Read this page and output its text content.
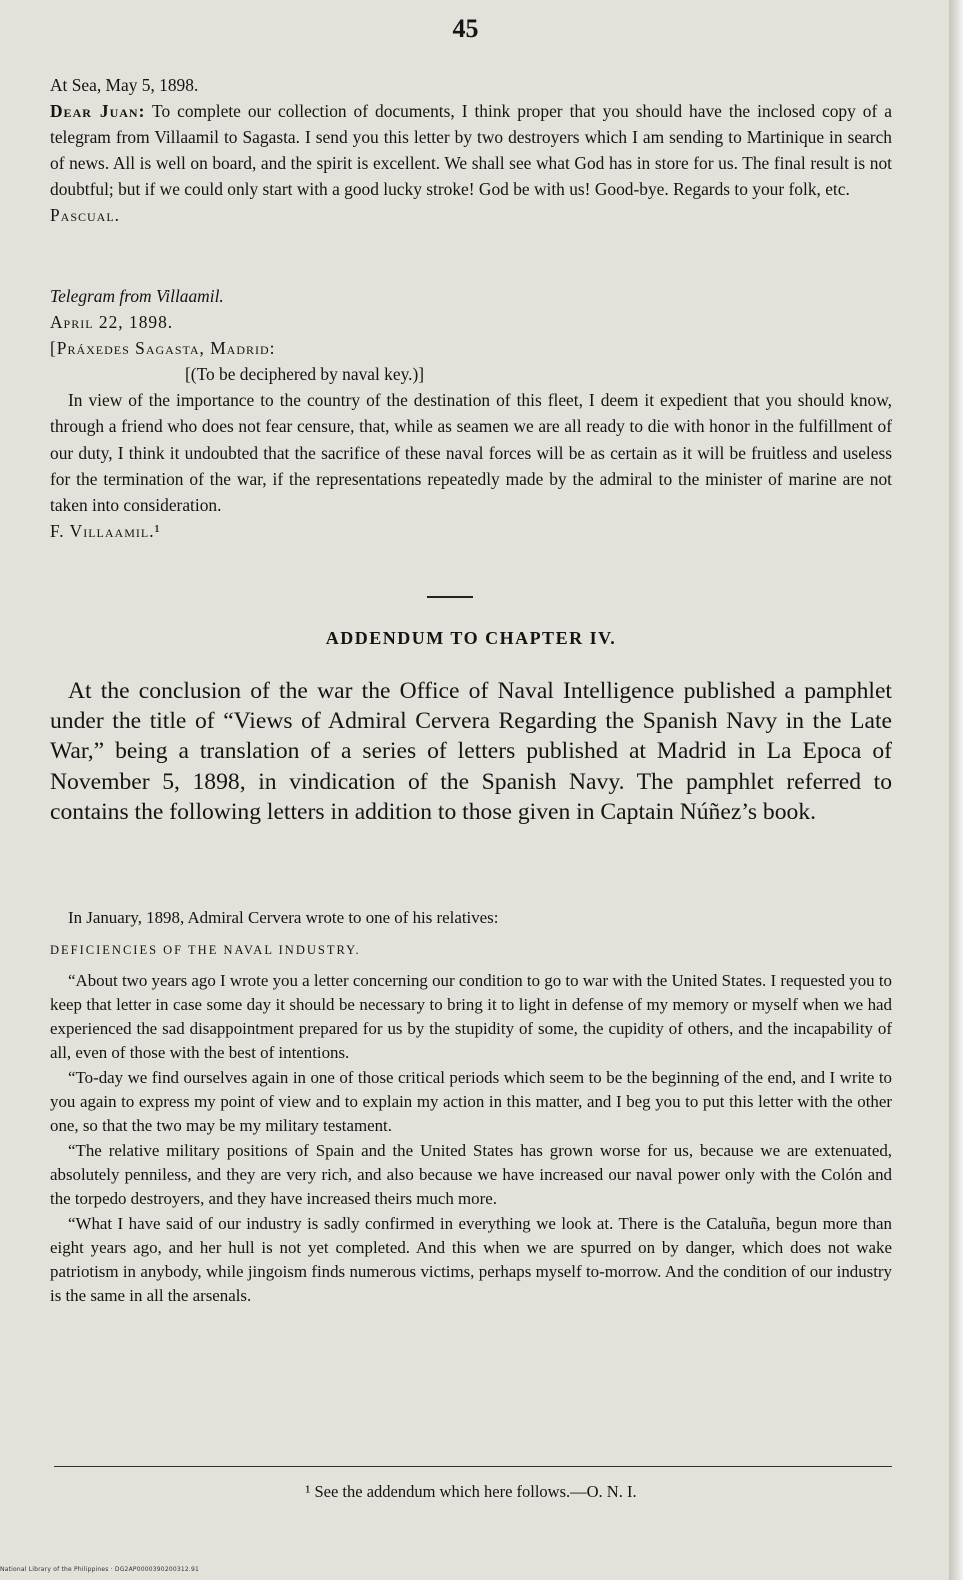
45

At Sea, May 5, 1898.

Dear Juan: To complete our collection of documents, I think proper that you should have the inclosed copy of a telegram from Villaamil to Sagasta. I send you this letter by two destroyers which I am sending to Martinique in search of news. All is well on board, and the spirit is excellent. We shall see what God has in store for us. The final result is not doubtful; but if we could only start with a good lucky stroke! God be with us! Good-bye. Regards to your folk, etc.

Pascual.

Telegram from Villaamil.

April 22, 1898.

[Práxedes Sagasta, Madrid:

[(To be deciphered by naval key.)]

In view of the importance to the country of the destination of this fleet, I deem it expedient that you should know, through a friend who does not fear censure, that, while as seamen we are all ready to die with honor in the fulfillment of our duty, I think it undoubted that the sacrifice of these naval forces will be as certain as it will be fruitless and useless for the termination of the war, if the representations repeatedly made by the admiral to the minister of marine are not taken into consideration.

F. Villaamil.¹

ADDENDUM TO CHAPTER IV.
At the conclusion of the war the Office of Naval Intelligence published a pamphlet under the title of “Views of Admiral Cervera Regarding the Spanish Navy in the Late War,” being a translation of a series of letters published at Madrid in La Epoca of November 5, 1898, in vindication of the Spanish Navy. The pamphlet referred to contains the following letters in addition to those given in Captain Núñez’s book.

In January, 1898, Admiral Cervera wrote to one of his relatives:

DEFICIENCIES OF THE NAVAL INDUSTRY.

“About two years ago I wrote you a letter concerning our condition to go to war with the United States. I requested you to keep that letter in case some day it should be necessary to bring it to light in defense of my memory or myself when we had experienced the sad disappointment prepared for us by the stupidity of some, the cupidity of others, and the incapability of all, even of those with the best of intentions.

“To-day we find ourselves again in one of those critical periods which seem to be the beginning of the end, and I write to you again to express my point of view and to explain my action in this matter, and I beg you to put this letter with the other one, so that the two may be my military testament.

“The relative military positions of Spain and the United States has grown worse for us, because we are extenuated, absolutely penniless, and they are very rich, and also because we have increased our naval power only with the Colón and the torpedo destroyers, and they have increased theirs much more.

“What I have said of our industry is sadly confirmed in everything we look at. There is the Cataluña, begun more than eight years ago, and her hull is not yet completed. And this when we are spurred on by danger, which does not wake patriotism in anybody, while jingoism finds numerous victims, perhaps myself to-morrow. And the condition of our industry is the same in all the arsenals.

¹ See the addendum which here follows.—O. N. I.
National Library of the Philippines · DG2AP0000390200312.91
